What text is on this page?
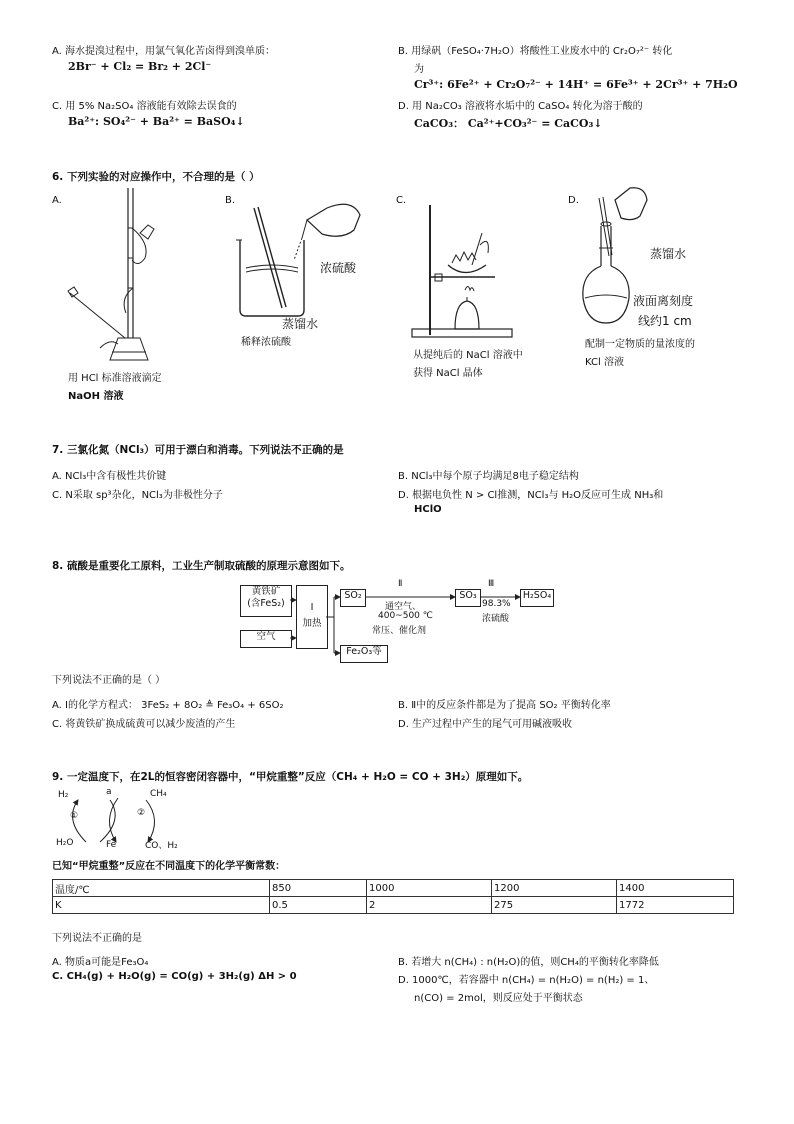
A. 海水提溴过程中，用氯气氧化苦卤得到溴单质：
2Br⁻ + Cl₂ = Br₂ + 2Cl⁻
B. 用绿矾（FeSO₄·7H₂O）将酸性工业废水中的 Cr₂O₇²⁻ 转化
为
Cr³⁺: 6Fe²⁺ + Cr₂O₇²⁻ + 14H⁺ = 6Fe³⁺ + 2Cr³⁺ + 7H₂O
C. 用 5% Na₂SO₄ 溶液能有效除去误食的
Ba²⁺: SO₄²⁻ + Ba²⁺ = BaSO₄↓
D. 用 Na₂CO₃ 溶液将水垢中的 CaSO₄ 转化为溶于酸的
CaCO₃： Ca²⁺+CO₃²⁻ = CaCO₃↓
6. 下列实验的对应操作中，不合理的是（ ）
A.	B.	C.	D.
用 HCl 标准溶液滴定
NaOH 溶液
浓硫酸
蒸馏水
稀释浓硫酸
从提纯后的 NaCl 溶液中
获得 NaCl 晶体
蒸馏水
液面离刻度
线约1 cm
配制一定物质的量浓度的
KCl 溶液
7. 三氯化氮（NCl₃）可用于漂白和消毒。下列说法不正确的是
A. NCl₃中含有极性共价键	B. NCl₃中每个原子均满足8电子稳定结构
C. N采取 sp³杂化，NCl₃为非极性分子	D. 根据电负性 N > Cl推测，NCl₃与 H₂O反应可生成 NH₃和
HClO
8. 硫酸是重要化工原料，工业生产制取硫酸的原理示意图如下。
黄铁矿
(含FeS₂)
空气
Ⅰ
加热
SO₂	SO₃	H₂SO₄
Fe₂O₃等
Ⅱ
通空气、
400~500 ℃
常压、催化剂
Ⅲ
98.3%
浓硫酸
下列说法不正确的是（ ）
A. Ⅰ的化学方程式： 3FeS₂ + 8O₂ ≜ Fe₃O₄ + 6SO₂	B. Ⅱ中的反应条件都是为了提高 SO₂ 平衡转化率
C. 将黄铁矿换成硫黄可以减少废渣的产生	D. 生产过程中产生的尾气可用碱液吸收
9. 一定温度下，在2L的恒容密闭容器中，“甲烷重整”反应（CH₄ + H₂O = CO + 3H₂）原理如下。
H₂	a	CH₄
①	②
H₂O	Fe	CO、H₂
已知“甲烷重整”反应在不同温度下的化学平衡常数：
温度/℃	850	1000	1200	1400
K	0.5	2	275	1772
下列说法不正确的是
A. 物质a可能是Fe₃O₄	B. 若增大 n(CH₄) : n(H₂O)的值，则CH₄的平衡转化率降低
C. CH₄(g) + H₂O(g) = CO(g) + 3H₂(g) ΔH > 0	D. 1000℃，若容器中 n(CH₄) = n(H₂O) = n(H₂) = 1、
n(CO) = 2mol，则反应处于平衡状态
